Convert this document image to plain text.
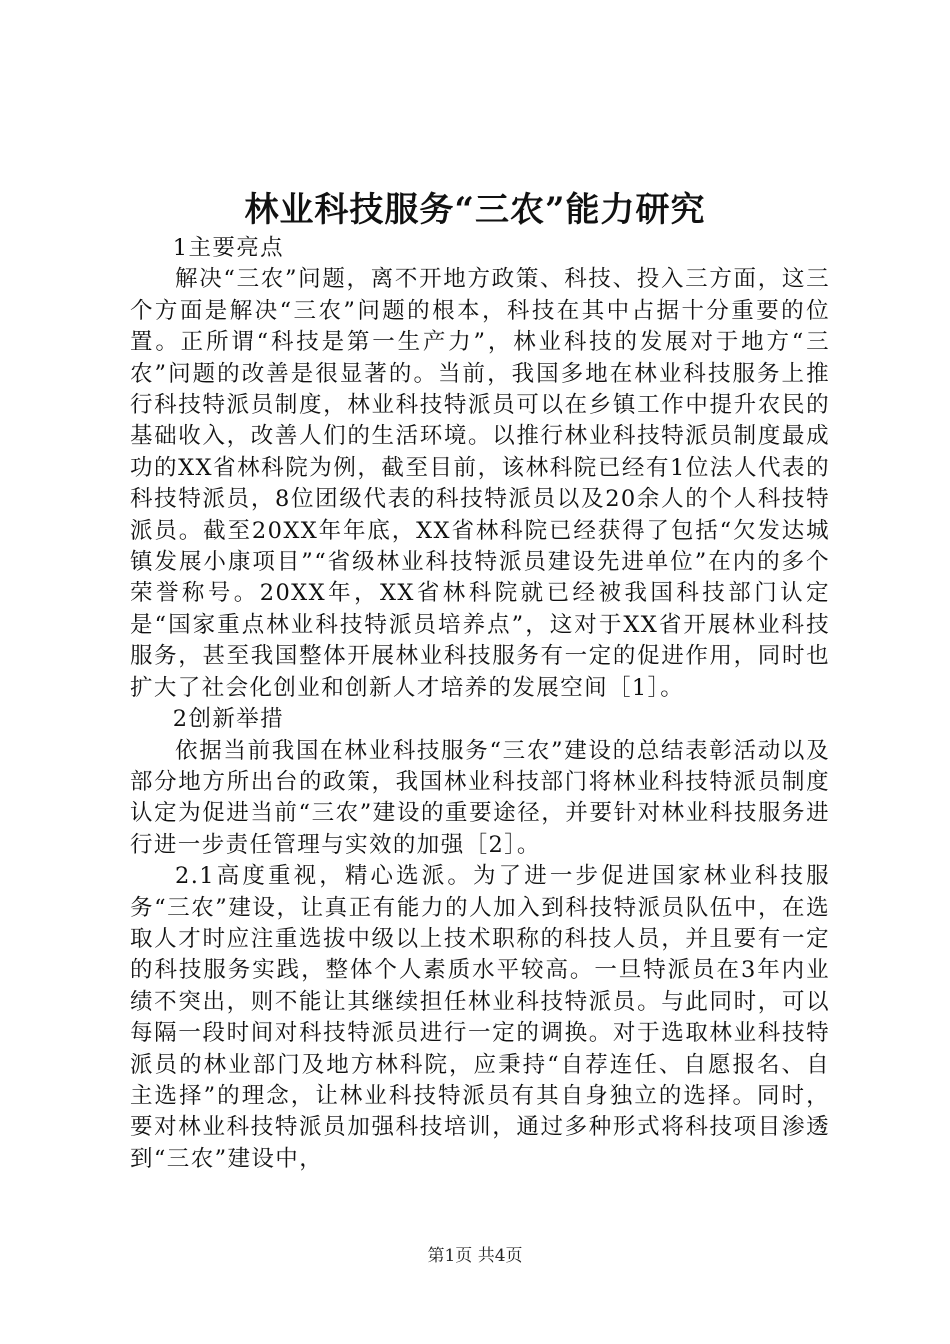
林业科技服务“三农”能力研究

1主要亮点

解决“三农”问题，离不开地方政策、科技、投入三方面，这三个方面是解决“三农”问题的根本，科技在其中占据十分重要的位置。正所谓“科技是第一生产力”，林业科技的发展对于地方“三农”问题的改善是很显著的。当前，我国多地在林业科技服务上推行科技特派员制度，林业科技特派员可以在乡镇工作中提升农民的基础收入，改善人们的生活环境。以推行林业科技特派员制度最成功的XX省林科院为例，截至目前，该林科院已经有1位法人代表的科技特派员，8位团级代表的科技特派员以及20余人的个人科技特派员。截至20XX年年底，XX省林科院已经获得了包括“欠发达城镇发展小康项目”“省级林业科技特派员建设先进单位”在内的多个荣誉称号。20XX年，XX省林科院就已经被我国科技部门认定是“国家重点林业科技特派员培养点”，这对于XX省开展林业科技服务，甚至我国整体开展林业科技服务有一定的促进作用，同时也扩大了社会化创业和创新人才培养的发展空间［1］。

2创新举措

依据当前我国在林业科技服务“三农”建设的总结表彰活动以及部分地方所出台的政策，我国林业科技部门将林业科技特派员制度认定为促进当前“三农”建设的重要途径，并要针对林业科技服务进行进一步责任管理与实效的加强［2］。

2.1高度重视，精心选派。为了进一步促进国家林业科技服务“三农”建设，让真正有能力的人加入到科技特派员队伍中，在选取人才时应注重选拔中级以上技术职称的科技人员，并且要有一定的科技服务实践，整体个人素质水平较高。一旦特派员在3年内业绩不突出，则不能让其继续担任林业科技特派员。与此同时，可以每隔一段时间对科技特派员进行一定的调换。对于选取林业科技特派员的林业部门及地方林科院，应秉持“自荐连任、自愿报名、自主选择”的理念，让林业科技特派员有其自身独立的选择。同时，要对林业科技特派员加强科技培训，通过多种形式将科技项目渗透到“三农”建设中，

第1页 共4页
